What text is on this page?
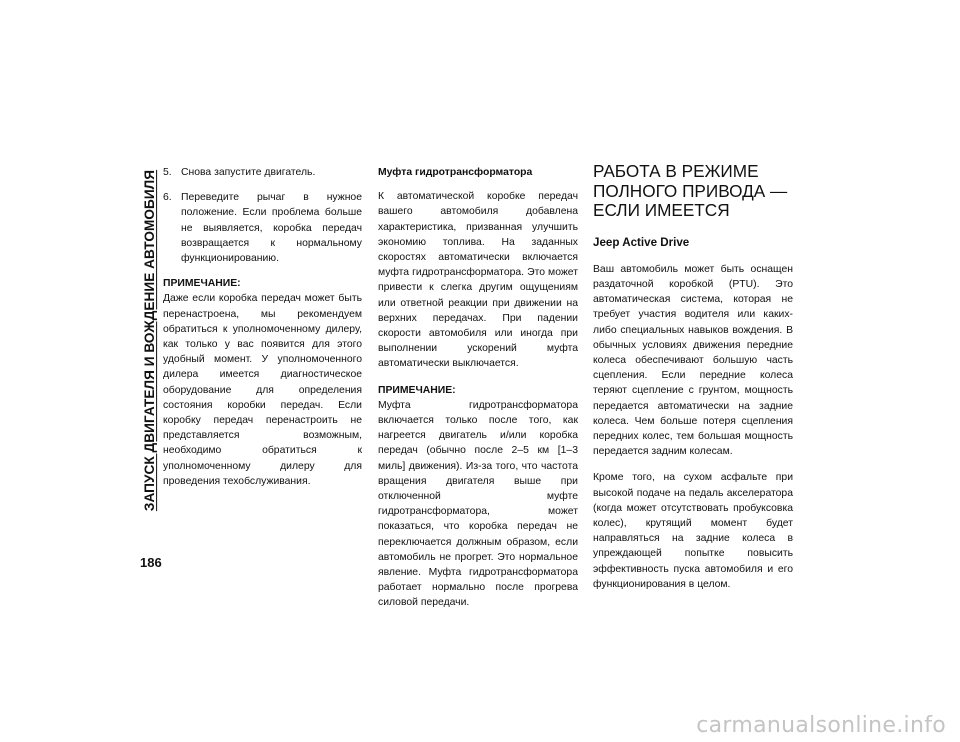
ЗАПУСК ДВИГАТЕЛЯ И ВОЖДЕНИЕ АВТОМОБИЛЯ
186
5. Снова запустите двигатель.
6. Переведите рычаг в нужное положение. Если проблема больше не выявляется, коробка передач возвращается к нормальному функционированию.

ПРИМЕЧАНИЕ:

Даже если коробка передач может быть перенастроена, мы рекомендуем обратиться к уполномоченному дилеру, как только у вас появится для этого удобный момент. У уполномоченного дилера имеется диагностическое оборудование для определения состояния коробки передач. Если коробку передач перенастроить не представляется возможным, необходимо обратиться к уполномоченному дилеру для проведения техобслуживания.

Муфта гидротрансформатора

К автоматической коробке передач вашего автомобиля добавлена характеристика, призванная улучшить экономию топлива. На заданных скоростях автоматически включается муфта гидротрансформатора. Это может привести к слегка другим ощущениям или ответной реакции при движении на верхних передачах. При падении скорости автомобиля или иногда при выполнении ускорений муфта автоматически выключается.

ПРИМЕЧАНИЕ:

Муфта гидротрансформатора включается только после того, как нагреется двигатель и/или коробка передач (обычно после 2–5 км [1–3 миль] движения). Из-за того, что частота вращения двигателя выше при отключенной муфте гидротрансформатора, может показаться, что коробка передач не переключается должным образом, если автомобиль не прогрет. Это нормальное явление. Муфта гидротрансформатора работает нормально после прогрева силовой передачи.

РАБОТА В РЕЖИМЕ ПОЛНОГО ПРИВОДА — ЕСЛИ ИМЕЕТСЯ

Jeep Active Drive

Ваш автомобиль может быть оснащен раздаточной коробкой (PTU). Это автоматическая система, которая не требует участия водителя или каких-либо специальных навыков вождения. В обычных условиях движения передние колеса обеспечивают большую часть сцепления. Если передние колеса теряют сцепление с грунтом, мощность передается автоматически на задние колеса. Чем больше потеря сцепления передних колес, тем большая мощность передается задним колесам.

Кроме того, на сухом асфальте при высокой подаче на педаль акселератора (когда может отсутствовать пробуксовка колес), крутящий момент будет направляться на задние колеса в упреждающей попытке повысить эффективность пуска автомобиля и его функционирования в целом.

carmanualsonline.info
